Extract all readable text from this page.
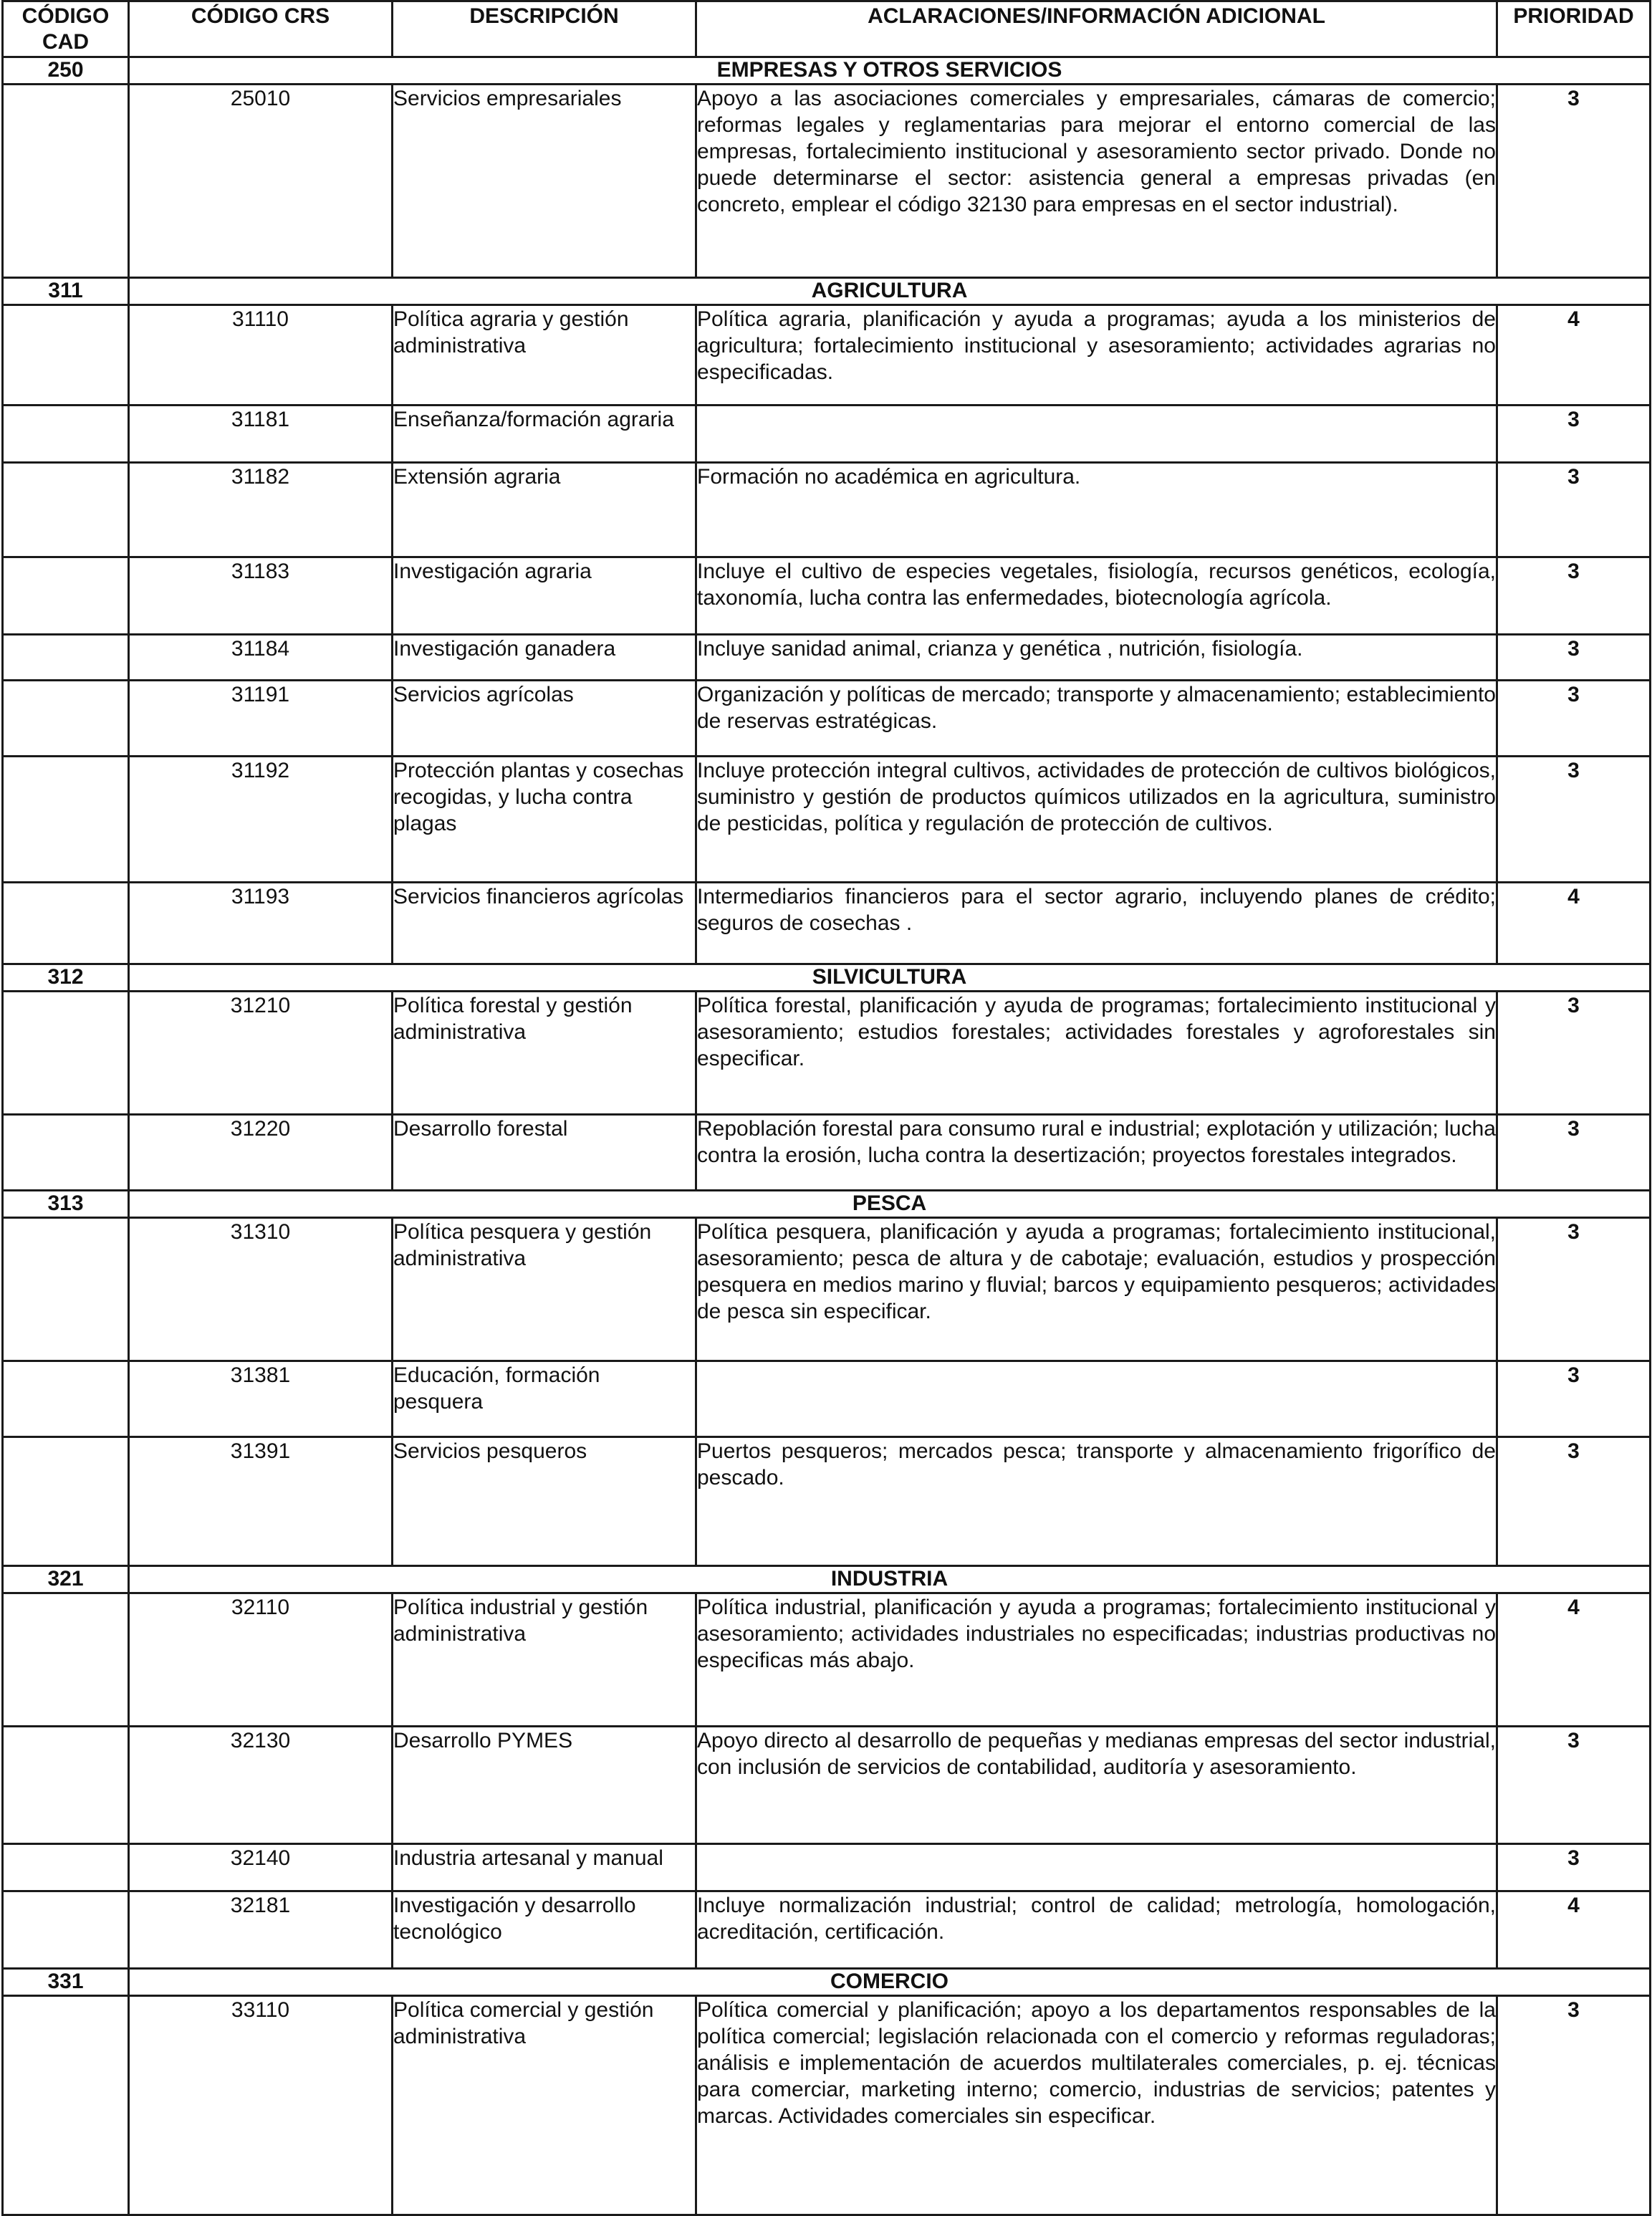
CÓDIGO CAD	CÓDIGO CRS	DESCRIPCIÓN	ACLARACIONES/INFORMACIÓN ADICIONAL	PRIORIDAD
250	EMPRESAS Y OTROS SERVICIOS			
	25010	Servicios empresariales	Apoyo a las asociaciones comerciales y empresariales, cámaras de comercio; reformas legales y reglamentarias para mejorar el entorno comercial de las empresas, fortalecimiento institucional y asesoramiento sector privado. Donde no puede determinarse el sector: asistencia general a empresas privadas (en concreto, emplear el código 32130 para empresas en el sector industrial).	3
311	AGRICULTURA			
	31110	Política agraria y gestión administrativa	Política agraria, planificación y ayuda a programas; ayuda a los ministerios de agricultura; fortalecimiento institucional y asesoramiento; actividades agrarias no especificadas.	4
	31181	Enseñanza/formación agraria		3
	31182	Extensión agraria	Formación no académica en agricultura.	3
	31183	Investigación agraria	Incluye el cultivo de especies vegetales, fisiología, recursos genéticos, ecología, taxonomía, lucha contra las enfermedades, biotecnología agrícola.	3
	31184	Investigación ganadera	Incluye sanidad animal, crianza y genética , nutrición, fisiología.	3
	31191	Servicios agrícolas	Organización y políticas de mercado; transporte y almacenamiento; establecimiento de reservas estratégicas.	3
	31192	Protección plantas y cosechas recogidas, y lucha contra plagas	Incluye protección integral cultivos, actividades de protección de cultivos biológicos, suministro y gestión de productos químicos utilizados en la agricultura, suministro de pesticidas, política y regulación de protección de cultivos.	3
	31193	Servicios financieros agrícolas	Intermediarios financieros para el sector agrario, incluyendo planes de crédito; seguros de cosechas .	4
312	SILVICULTURA			
	31210	Política forestal y gestión administrativa	Política forestal, planificación y ayuda de programas; fortalecimiento institucional y asesoramiento; estudios forestales; actividades forestales y agroforestales sin especificar.	3
	31220	Desarrollo forestal	Repoblación forestal para consumo rural e industrial; explotación y utilización; lucha contra la erosión, lucha contra la desertización; proyectos forestales integrados.	3
313	PESCA			
	31310	Política pesquera y gestión administrativa	Política pesquera, planificación y ayuda a programas; fortalecimiento institucional, asesoramiento; pesca de altura y de cabotaje; evaluación, estudios y prospección pesquera en medios marino y fluvial; barcos y equipamiento pesqueros; actividades de pesca sin especificar.	3
	31381	Educación, formación pesquera		3
	31391	Servicios pesqueros	Puertos pesqueros; mercados pesca; transporte y almacenamiento frigorífico de pescado.	3
321	INDUSTRIA			
	32110	Política industrial y gestión administrativa	Política industrial, planificación y ayuda a programas; fortalecimiento institucional y asesoramiento; actividades industriales no especificadas; industrias productivas no especificas más abajo.	4
	32130	Desarrollo PYMES	Apoyo directo al desarrollo de pequeñas y medianas empresas del sector industrial, con inclusión de servicios de contabilidad, auditoría y asesoramiento.	3
	32140	Industria artesanal y manual		3
	32181	Investigación y desarrollo tecnológico	Incluye normalización industrial; control de calidad; metrología, homologación, acreditación, certificación.	4
331	COMERCIO			
	33110	Política comercial y gestión administrativa	Política comercial y planificación; apoyo a los departamentos responsables de la política comercial; legislación relacionada con el comercio y reformas reguladoras; análisis e implementación de acuerdos multilaterales comerciales, p. ej. técnicas para comerciar, marketing interno; comercio, industrias de servicios; patentes y marcas. Actividades comerciales sin especificar.	3
